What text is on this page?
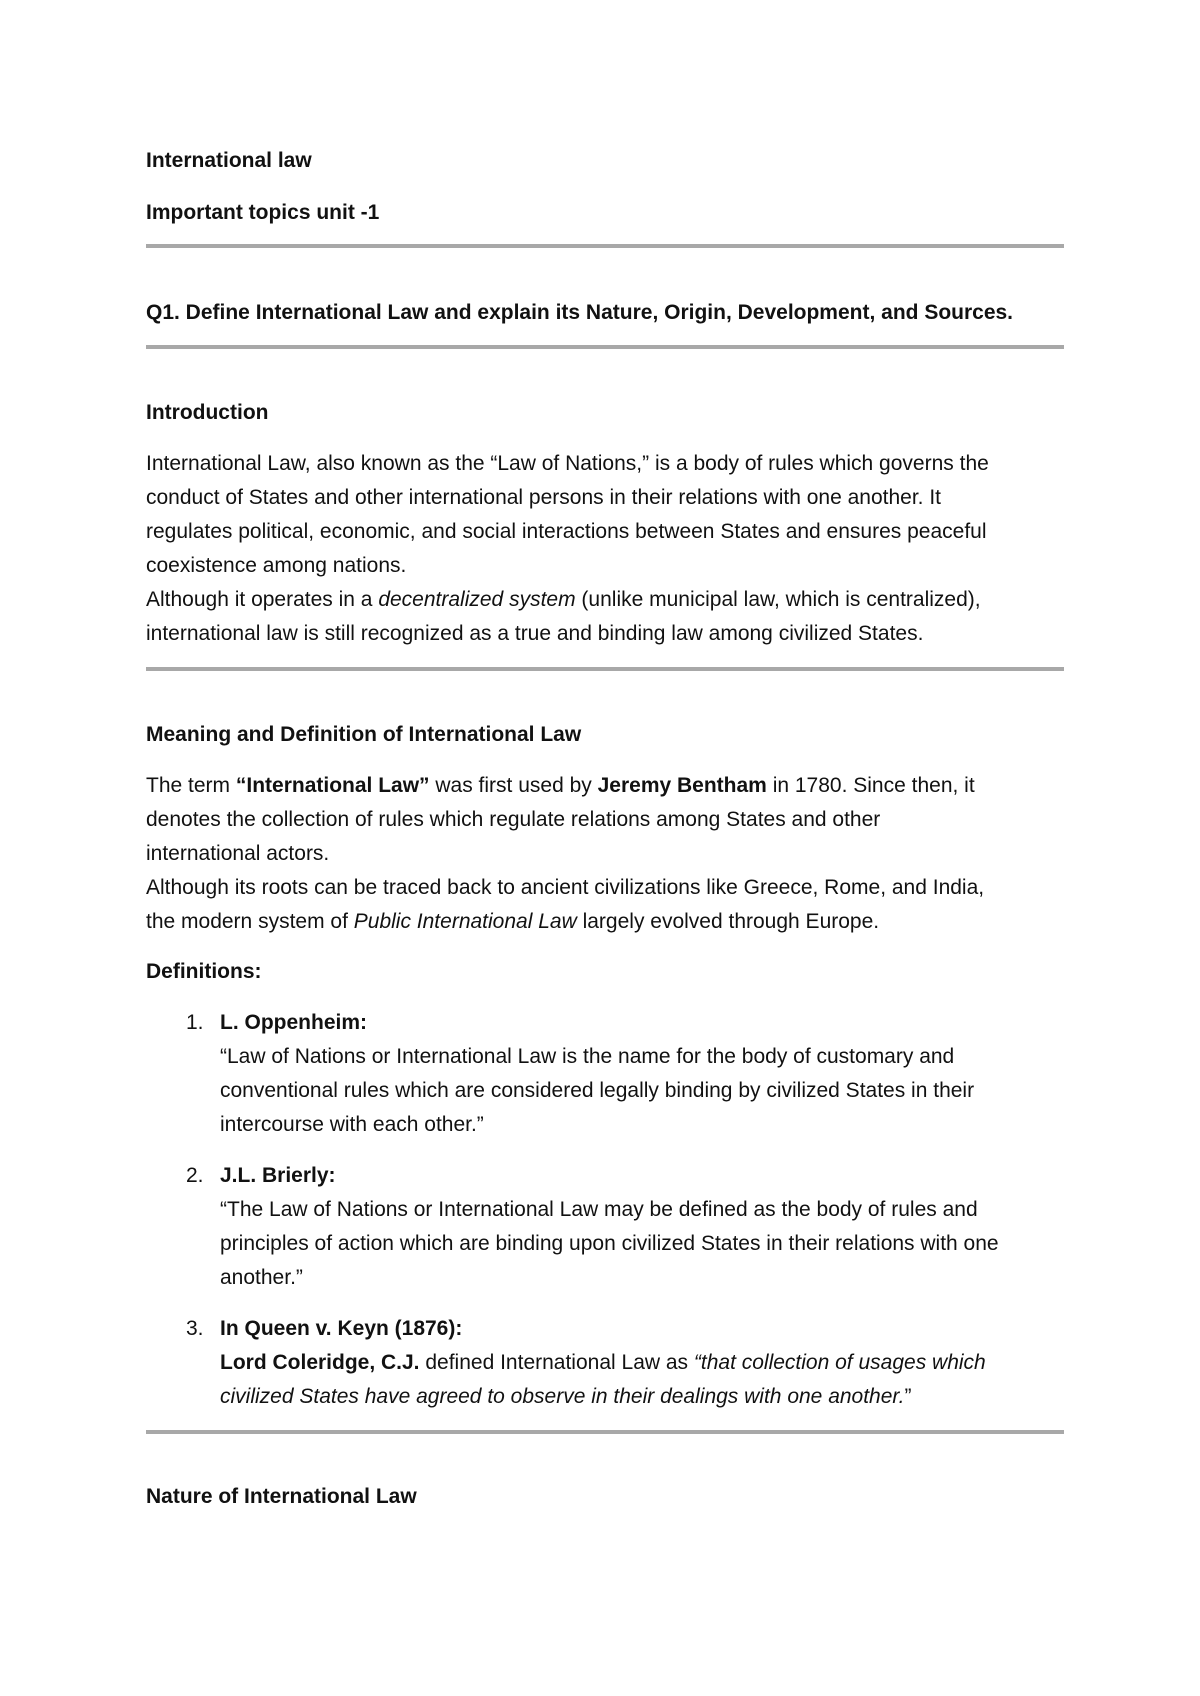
International law

Important topics unit -1

Q1. Define International Law and explain its Nature, Origin, Development, and Sources.

Introduction

International Law, also known as the “Law of Nations,” is a body of rules which governs the

conduct of States and other international persons in their relations with one another. It

regulates political, economic, and social interactions between States and ensures peaceful

coexistence among nations.

Although it operates in a decentralized system (unlike municipal law, which is centralized),

international law is still recognized as a true and binding law among civilized States.

Meaning and Definition of International Law

The term “International Law” was first used by Jeremy Bentham in 1780. Since then, it

denotes the collection of rules which regulate relations among States and other

international actors.

Although its roots can be traced back to ancient civilizations like Greece, Rome, and India,

the modern system of Public International Law largely evolved through Europe.

Definitions:

1. L. Oppenheim:

“Law of Nations or International Law is the name for the body of customary and

conventional rules which are considered legally binding by civilized States in their

intercourse with each other.”

2. J.L. Brierly:

“The Law of Nations or International Law may be defined as the body of rules and

principles of action which are binding upon civilized States in their relations with one

another.”

3. In Queen v. Keyn (1876):

Lord Coleridge, C.J. defined International Law as “that collection of usages which

civilized States have agreed to observe in their dealings with one another.”

Nature of International Law
